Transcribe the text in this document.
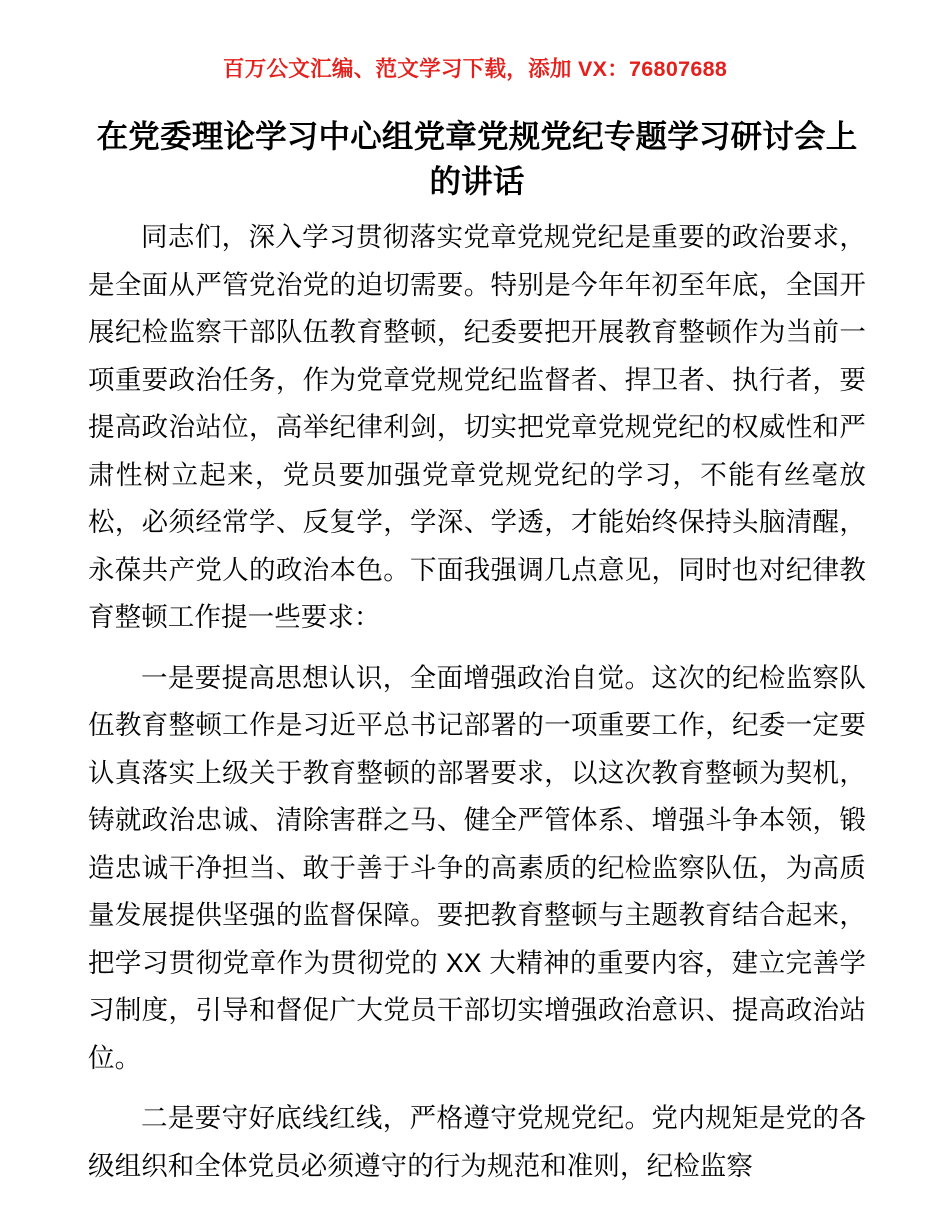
百万公文汇编、范文学习下载，添加 VX：76807688
在党委理论学习中心组党章党规党纪专题学习研讨会上的讲话

同志们，深入学习贯彻落实党章党规党纪是重要的政治要求，是全面从严管党治党的迫切需要。特别是今年年初至年底，全国开展纪检监察干部队伍教育整顿，纪委要把开展教育整顿作为当前一项重要政治任务，作为党章党规党纪监督者、捍卫者、执行者，要提高政治站位，高举纪律利剑，切实把党章党规党纪的权威性和严肃性树立起来，党员要加强党章党规党纪的学习，不能有丝毫放松，必须经常学、反复学，学深、学透，才能始终保持头脑清醒，永葆共产党人的政治本色。下面我强调几点意见，同时也对纪律教育整顿工作提一些要求：

一是要提高思想认识，全面增强政治自觉。这次的纪检监察队伍教育整顿工作是习近平总书记部署的一项重要工作，纪委一定要认真落实上级关于教育整顿的部署要求，以这次教育整顿为契机，铸就政治忠诚、清除害群之马、健全严管体系、增强斗争本领，锻造忠诚干净担当、敢于善于斗争的高素质的纪检监察队伍，为高质量发展提供坚强的监督保障。要把教育整顿与主题教育结合起来，把学习贯彻党章作为贯彻党的 XX 大精神的重要内容，建立完善学习制度，引导和督促广大党员干部切实增强政治意识、提高政治站位。

二是要守好底线红线，严格遵守党规党纪。党内规矩是党的各级组织和全体党员必须遵守的行为规范和准则，纪检监察
